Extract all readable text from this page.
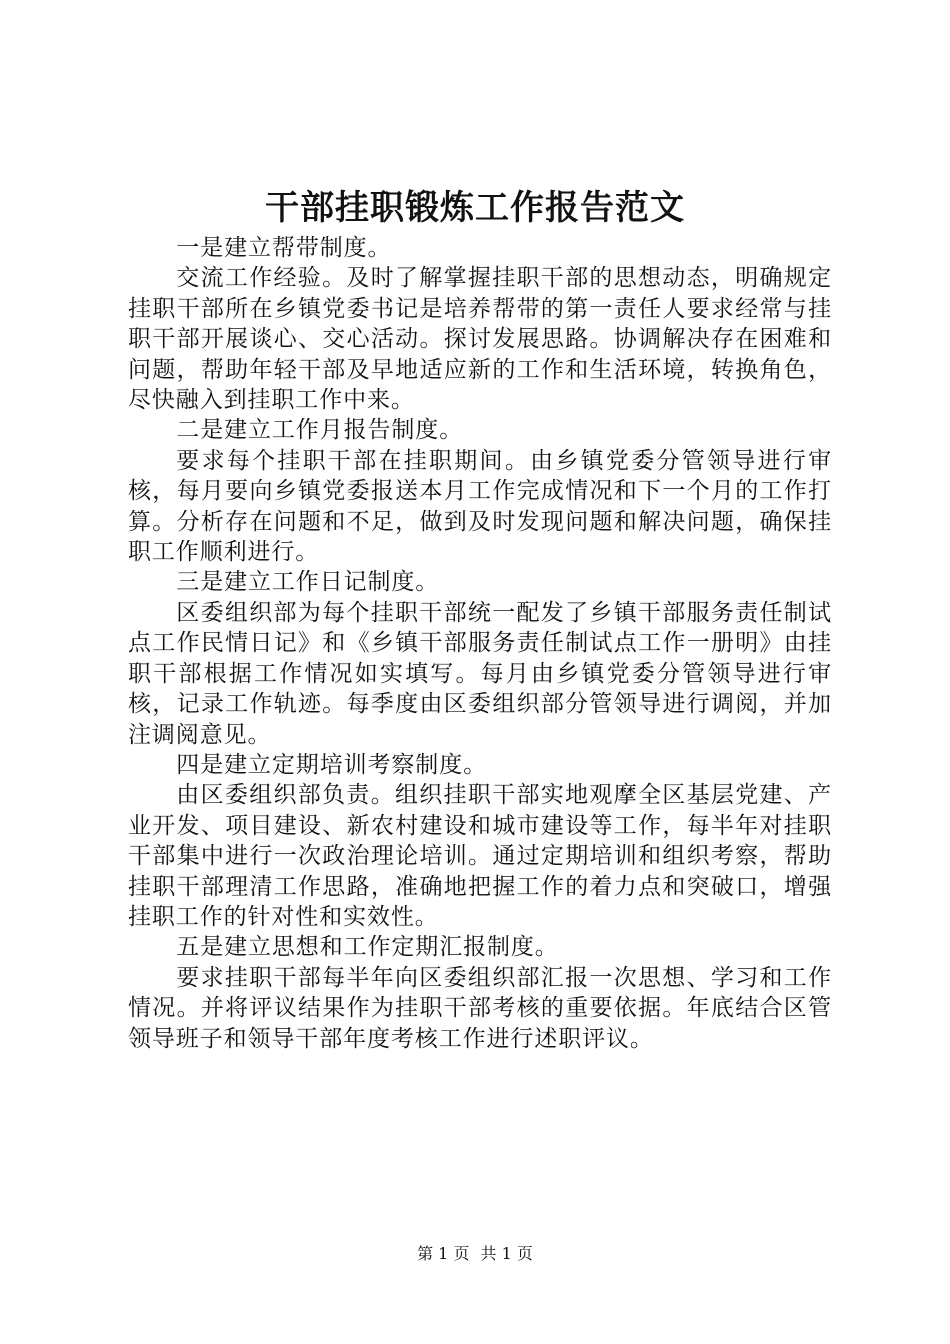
干部挂职锻炼工作报告范文

一是建立帮带制度。

交流工作经验。及时了解掌握挂职干部的思想动态，明确规定挂职干部所在乡镇党委书记是培养帮带的第一责任人要求经常与挂职干部开展谈心、交心活动。探讨发展思路。协调解决存在困难和问题，帮助年轻干部及早地适应新的工作和生活环境，转换角色，尽快融入到挂职工作中来。

二是建立工作月报告制度。

要求每个挂职干部在挂职期间。由乡镇党委分管领导进行审核，每月要向乡镇党委报送本月工作完成情况和下一个月的工作打算。分析存在问题和不足，做到及时发现问题和解决问题，确保挂职工作顺利进行。

三是建立工作日记制度。

区委组织部为每个挂职干部统一配发了乡镇干部服务责任制试点工作民情日记》和《乡镇干部服务责任制试点工作一册明》由挂职干部根据工作情况如实填写。每月由乡镇党委分管领导进行审核，记录工作轨迹。每季度由区委组织部分管领导进行调阅，并加注调阅意见。

四是建立定期培训考察制度。

由区委组织部负责。组织挂职干部实地观摩全区基层党建、产业开发、项目建设、新农村建设和城市建设等工作，每半年对挂职干部集中进行一次政治理论培训。通过定期培训和组织考察，帮助挂职干部理清工作思路，准确地把握工作的着力点和突破口，增强挂职工作的针对性和实效性。

五是建立思想和工作定期汇报制度。

要求挂职干部每半年向区委组织部汇报一次思想、学习和工作情况。并将评议结果作为挂职干部考核的重要依据。年底结合区管领导班子和领导干部年度考核工作进行述职评议。

第 1 页 共 1 页
